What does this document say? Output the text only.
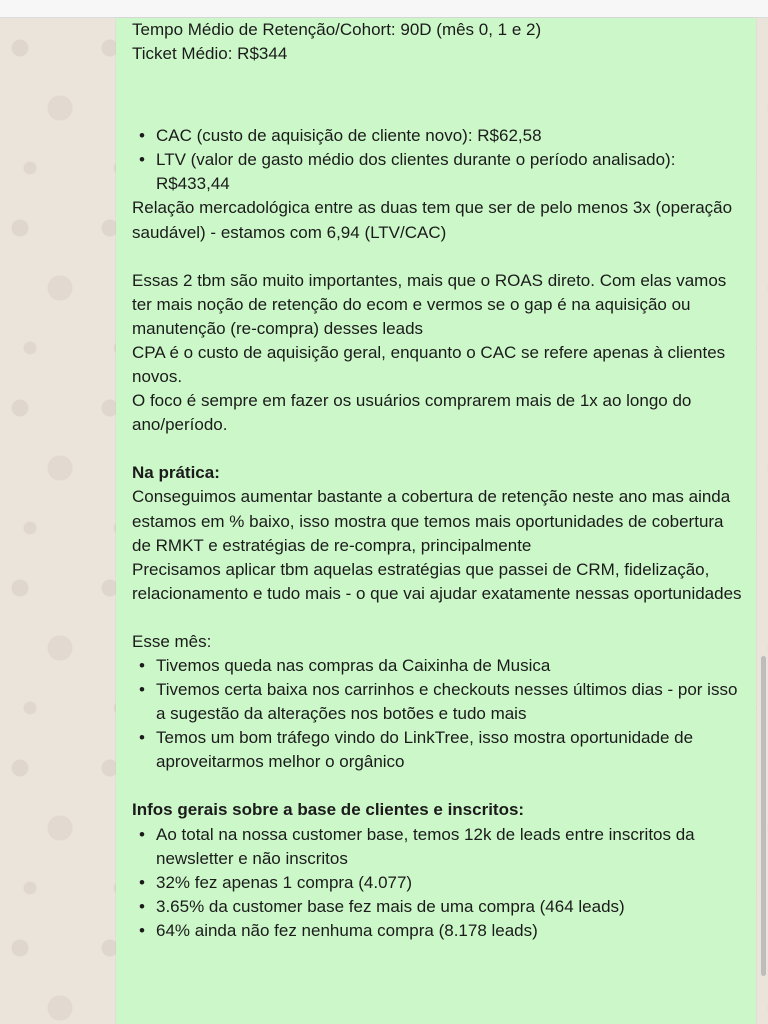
Tempo Médio de Retenção/Cohort: 90D (mês 0, 1 e 2)

Ticket Médio: R$344

• CAC (custo de aquisição de cliente novo): R$62,58
• LTV (valor de gasto médio dos clientes durante o período analisado): R$433,44

Relação mercadológica entre as duas tem que ser de pelo menos 3x (operação saudável) - estamos com 6,94 (LTV/CAC)

Essas 2 tbm são muito importantes, mais que o ROAS direto. Com elas vamos ter mais noção de retenção do ecom e vermos se o gap é na aquisição ou manutenção (re-compra) desses leads

CPA é o custo de aquisição geral, enquanto o CAC se refere apenas à clientes novos.

O foco é sempre em fazer os usuários comprarem mais de 1x ao longo do ano/período.

Na prática:

Conseguimos aumentar bastante a cobertura de retenção neste ano mas ainda estamos em % baixo, isso mostra que temos mais oportunidades de cobertura de RMKT e estratégias de re-compra, principalmente

Precisamos aplicar tbm aquelas estratégias que passei de CRM, fidelização, relacionamento e tudo mais - o que vai ajudar exatamente nessas oportunidades

Esse mês:

• Tivemos queda nas compras da Caixinha de Musica
• Tivemos certa baixa nos carrinhos e checkouts nesses últimos dias - por isso a sugestão da alterações nos botões e tudo mais
• Temos um bom tráfego vindo do LinkTree, isso mostra oportunidade de aproveitarmos melhor o orgânico

Infos gerais sobre a base de clientes e inscritos:

• Ao total na nossa customer base, temos 12k de leads entre inscritos da newsletter e não inscritos
• 32% fez apenas 1 compra (4.077)
• 3.65% da customer base fez mais de uma compra (464 leads)
• 64% ainda não fez nenhuma compra (8.178 leads)
